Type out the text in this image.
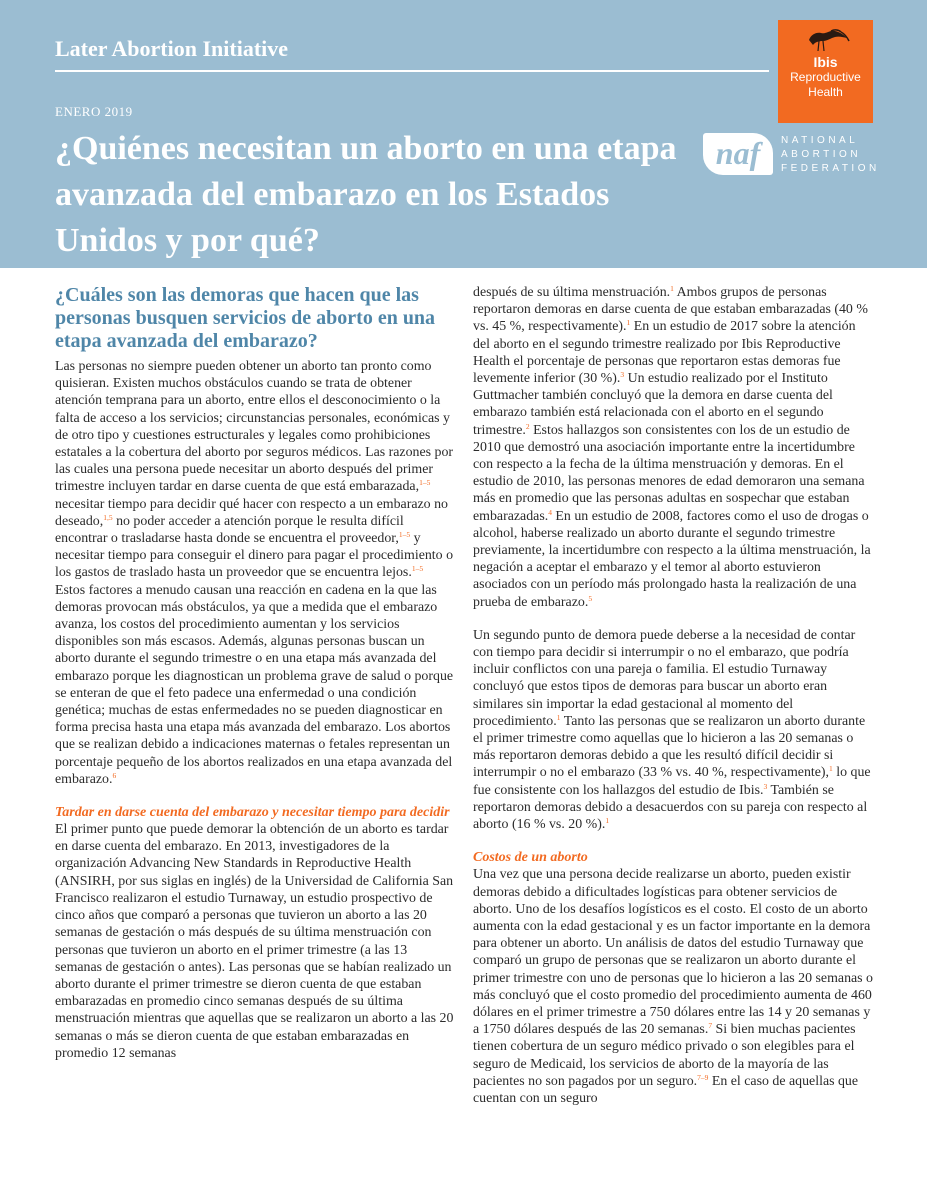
Later Abortion Initiative
ENERO 2019
¿Quiénes necesitan un aborto en una etapa avanzada del embarazo en los Estados Unidos y por qué?
Ibis
Reproductive
Health
naf	NATIONAL
ABORTION
FEDERATION
¿Cuáles son las demoras que hacen que las personas busquen servicios de aborto en una etapa avanzada del embarazo?

Las personas no siempre pueden obtener un aborto tan pronto como quisieran. Existen muchos obstáculos cuando se trata de obtener atención temprana para un aborto, entre ellos el desconocimiento o la falta de acceso a los servicios; circunstancias personales, económicas y de otro tipo y cuestiones estructurales y legales como prohibiciones estatales a la cobertura del aborto por seguros médicos. Las razones por las cuales una persona puede necesitar un aborto después del primer trimestre incluyen tardar en darse cuenta de que está embarazada,$^{1-5}$ necesitar tiempo para decidir qué hacer con respecto a un embarazo no deseado,$^{1,5}$ no poder acceder a atención porque le resulta difícil encontrar o trasladarse hasta donde se encuentra el proveedor,$^{1-5}$ y necesitar tiempo para conseguir el dinero para pagar el procedimiento o los gastos de traslado hasta un proveedor que se encuentra lejos.$^{1-5}$ Estos factores a menudo causan una reacción en cadena en la que las demoras provocan más obstáculos, ya que a medida que el embarazo avanza, los costos del procedimiento aumentan y los servicios disponibles son más escasos. Además, algunas personas buscan un aborto durante el segundo trimestre o en una etapa más avanzada del embarazo porque les diagnostican un problema grave de salud o porque se enteran de que el feto padece una enfermedad o una condición genética; muchas de estas enfermedades no se pueden diagnosticar en forma precisa hasta una etapa más avanzada del embarazo. Los abortos que se realizan debido a indicaciones maternas o fetales representan un porcentaje pequeño de los abortos realizados en una etapa avanzada del embarazo.$^6$

Tardar en darse cuenta del embarazo y necesitar tiempo para decidir

El primer punto que puede demorar la obtención de un aborto es tardar en darse cuenta del embarazo. En 2013, investigadores de la organización Advancing New Standards in Reproductive Health (ANSIRH, por sus siglas en inglés) de la Universidad de California San Francisco realizaron el estudio Turnaway, un estudio prospectivo de cinco años que comparó a personas que tuvieron un aborto a las 20 semanas de gestación o más después de su última menstruación con personas que tuvieron un aborto en el primer trimestre (a las 13 semanas de gestación o antes). Las personas que se habían realizado un aborto durante el primer trimestre se dieron cuenta de que estaban embarazadas en promedio cinco semanas después de su última menstruación mientras que aquellas que se realizaron un aborto a las 20 semanas o más se dieron cuenta de que estaban embarazadas en promedio 12 semanas

después de su última menstruación.$^1$ Ambos grupos de personas reportaron demoras en darse cuenta de que estaban embarazadas (40 % vs. 45 %, respectivamente).$^1$ En un estudio de 2017 sobre la atención del aborto en el segundo trimestre realizado por Ibis Reproductive Health el porcentaje de personas que reportaron estas demoras fue levemente inferior (30 %).$^3$ Un estudio realizado por el Instituto Guttmacher también concluyó que la demora en darse cuenta del embarazo también está relacionada con el aborto en el segundo trimestre.$^2$ Estos hallazgos son consistentes con los de un estudio de 2010 que demostró una asociación importante entre la incertidumbre con respecto a la fecha de la última menstruación y demoras. En el estudio de 2010, las personas menores de edad demoraron una semana más en promedio que las personas adultas en sospechar que estaban embarazadas.$^4$ En un estudio de 2008, factores como el uso de drogas o alcohol, haberse realizado un aborto durante el segundo trimestre previamente, la incertidumbre con respecto a la última menstruación, la negación a aceptar el embarazo y el temor al aborto estuvieron asociados con un período más prolongado hasta la realización de una prueba de embarazo.$^5$

Un segundo punto de demora puede deberse a la necesidad de contar con tiempo para decidir si interrumpir o no el embarazo, que podría incluir conflictos con una pareja o familia. El estudio Turnaway concluyó que estos tipos de demoras para buscar un aborto eran similares sin importar la edad gestacional al momento del procedimiento.$^1$ Tanto las personas que se realizaron un aborto durante el primer trimestre como aquellas que lo hicieron a las 20 semanas o más reportaron demoras debido a que les resultó difícil decidir si interrumpir o no el embarazo (33 % vs. 40 %, respectivamente),$^1$ lo que fue consistente con los hallazgos del estudio de Ibis.$^3$ También se reportaron demoras debido a desacuerdos con su pareja con respecto al aborto (16 % vs. 20 %).$^1$

Costos de un aborto

Una vez que una persona decide realizarse un aborto, pueden existir demoras debido a dificultades logísticas para obtener servicios de aborto. Uno de los desafíos logísticos es el costo. El costo de un aborto aumenta con la edad gestacional y es un factor importante en la demora para obtener un aborto. Un análisis de datos del estudio Turnaway que comparó un grupo de personas que se realizaron un aborto durante el primer trimestre con uno de personas que lo hicieron a las 20 semanas o más concluyó que el costo promedio del procedimiento aumenta de 460 dólares en el primer trimestre a 750 dólares entre las 14 y 20 semanas y a 1750 dólares después de las 20 semanas.$^7$ Si bien muchas pacientes tienen cobertura de un seguro médico privado o son elegibles para el seguro de Medicaid, los servicios de aborto de la mayoría de las pacientes no son pagados por un seguro.$^{7-9}$ En el caso de aquellas que cuentan con un seguro
